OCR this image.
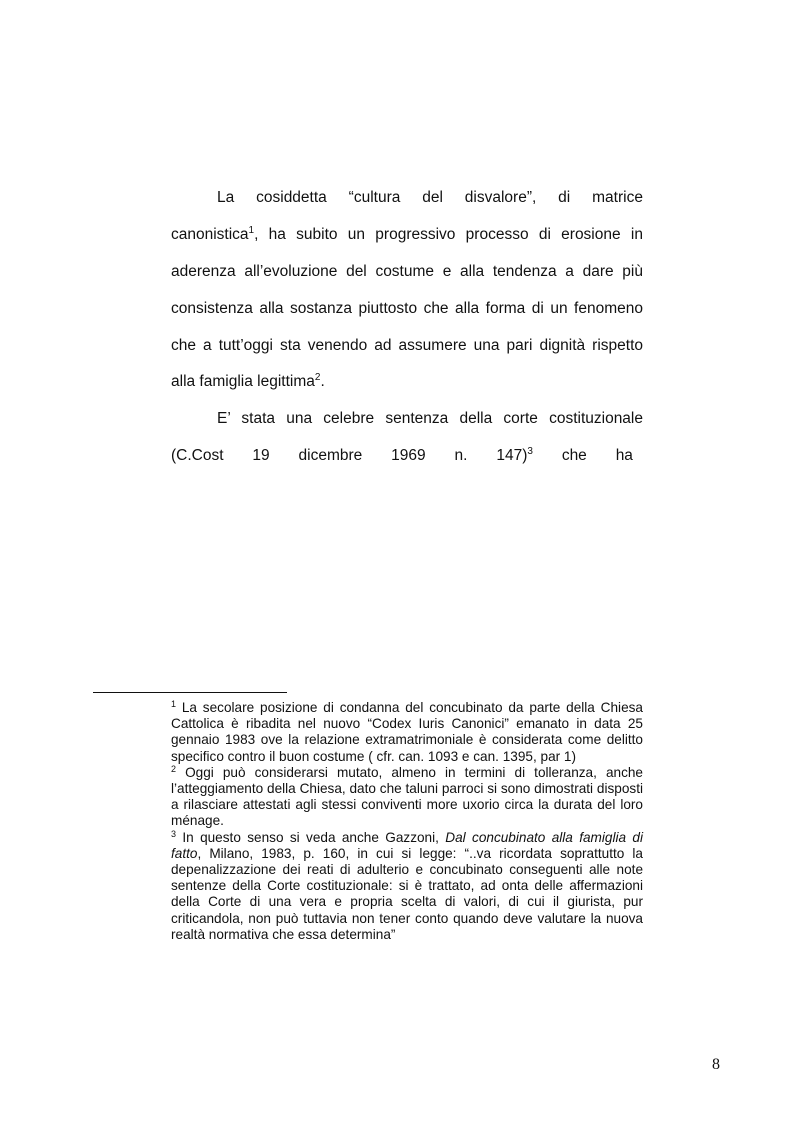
La cosiddetta “cultura del disvalore”, di matrice
canonistica$^1$, ha subito un progressivo processo di erosione in
aderenza all’evoluzione del costume e alla tendenza a dare più
consistenza alla sostanza piuttosto che alla forma di un fenomeno
che a tutt’oggi sta venendo ad assumere una pari dignità rispetto
alla famiglia legittima$^2$.
E’ stata una celebre sentenza della corte costituzionale
(C.Cost 19 dicembre 1969 n. 147)$^3$ che ha

$^1$ La secolare posizione di condanna del concubinato da parte della Chiesa Cattolica è ribadita nel nuovo “Codex Iuris Canonici” emanato in data 25 gennaio 1983 ove la relazione extramatrimoniale è considerata come delitto specifico contro il buon costume ( cfr. can. 1093 e can. 1395, par 1)

$^2$ Oggi può considerarsi mutato, almeno in termini di tolleranza, anche l’atteggiamento della Chiesa, dato che taluni parroci si sono dimostrati disposti a rilasciare attestati agli stessi conviventi more uxorio circa la durata del loro ménage.

$^3$ In questo senso si veda anche Gazzoni, Dal concubinato alla famiglia di fatto, Milano, 1983, p. 160, in cui si legge: “..va ricordata soprattutto la depenalizzazione dei reati di adulterio e concubinato conseguenti alle note sentenze della Corte costituzionale: si è trattato, ad onta delle affermazioni della Corte di una vera e propria scelta di valori, di cui il giurista, pur criticandola, non può tuttavia non tener conto quando deve valutare la nuova realtà normativa che essa determina”

8
